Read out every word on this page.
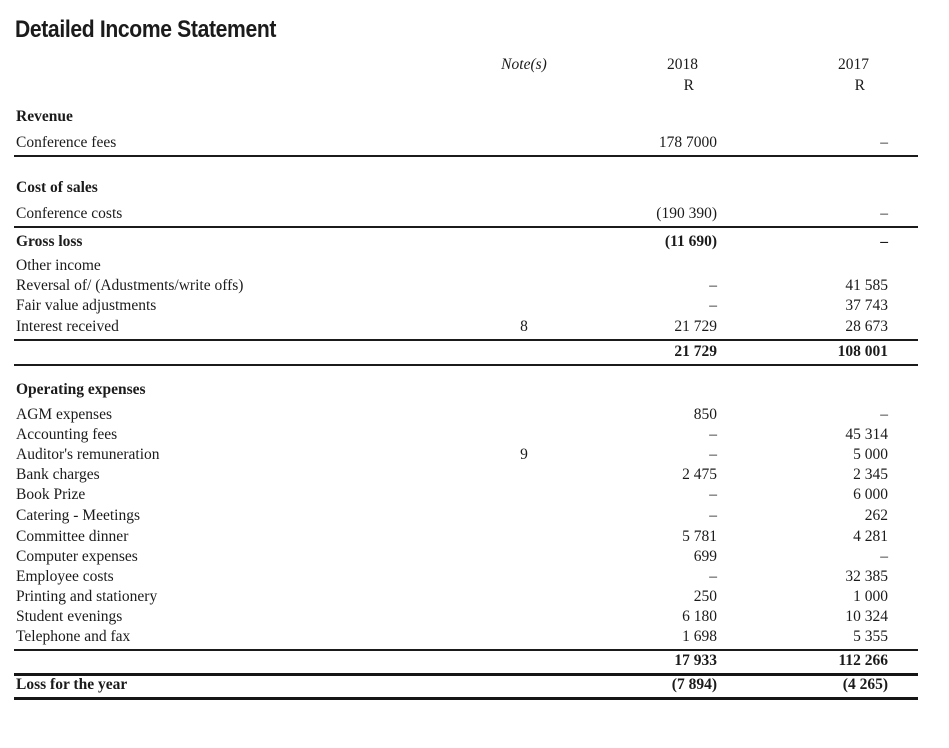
Detailed Income Statement
	Note(s)	2018	2017	
		R	R	
Revenue				
Conference fees		178 7000	–	
Cost of sales				
Conference costs		(190 390)	–	
Gross loss		(11 690)	–	
Other income				
Reversal of/ (Adustments/write offs)		–	41 585	
Fair value adjustments		–	37 743	
Interest received	8	21 729	28 673	
		21 729	108 001	
Operating expenses				
AGM expenses		850	–	
Accounting fees		–	45 314	
Auditor's remuneration	9	–	5 000	
Bank charges		2 475	2 345	
Book Prize		–	6 000	
Catering - Meetings		–	262	
Committee dinner		5 781	4 281	
Computer expenses		699	–	
Employee costs		–	32 385	
Printing and stationery		250	1 000	
Student evenings		6 180	10 324	
Telephone and fax		1 698	5 355	
		17 933	112 266	
Loss for the year		(7 894)	(4 265)	
